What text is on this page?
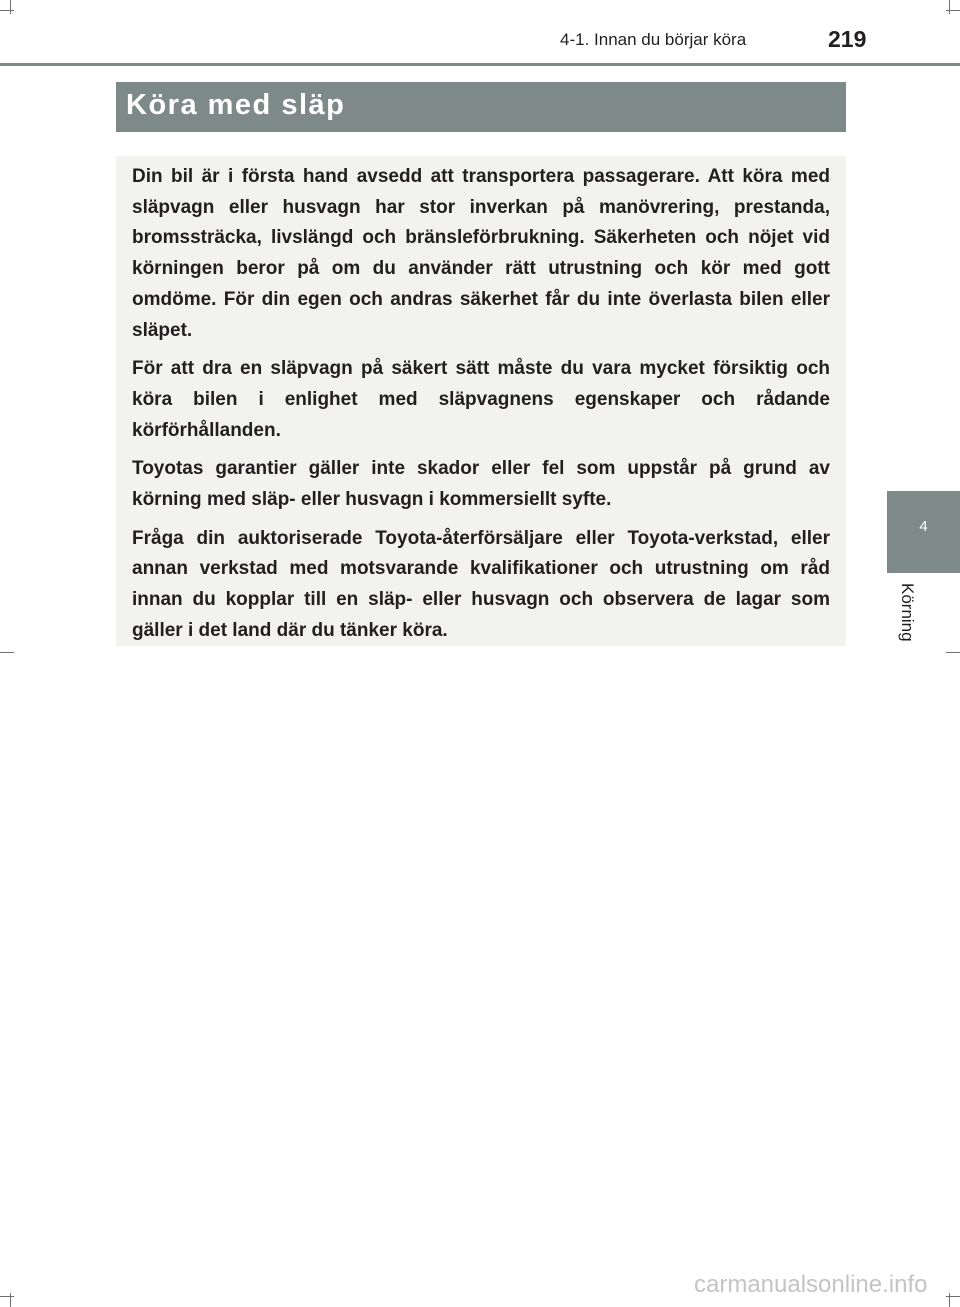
4-1. Innan du börjar köra	219
Köra med släp

Din bil är i första hand avsedd att transportera passagerare. Att köra med släpvagn eller husvagn har stor inverkan på manövrering, prestanda, bromssträcka, livslängd och bränsleförbrukning. Säkerheten och nöjet vid körningen beror på om du använder rätt utrustning och kör med gott omdöme. För din egen och andras säkerhet får du inte överlasta bilen eller släpet.

För att dra en släpvagn på säkert sätt måste du vara mycket försiktig och köra bilen i enlighet med släpvagnens egenskaper och rådande körförhållanden.

Toyotas garantier gäller inte skador eller fel som uppstår på grund av körning med släp- eller husvagn i kommersiellt syfte.

Fråga din auktoriserade Toyota-återförsäljare eller Toyota-verkstad, eller annan verkstad med motsvarande kvalifikationer och utrustning om råd innan du kopplar till en släp- eller husvagn och observera de lagar som gäller i det land där du tänker köra.

4
Körning
carmanualsonline.info
